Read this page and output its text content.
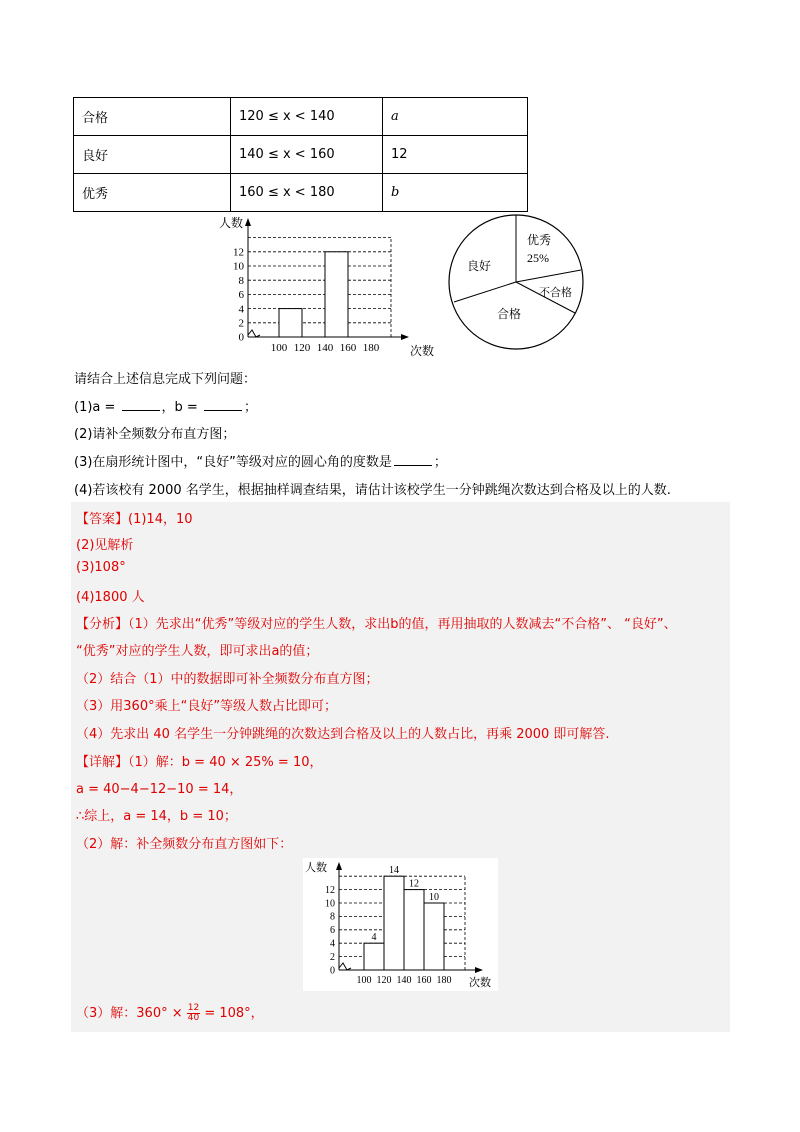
合格	120 ≤ x < 140	a
良好	140 ≤ x < 160	12
优秀	160 ≤ x < 180	b
人数
次数
0
2
4
6
8
10
12
100 120 140 160 180
优秀
25%
良好
不合格
合格
请结合上述信息完成下列问题：
(1)a =	，b =	；
(2)请补全频数分布直方图；
(3)在扇形统计图中，“良好”等级对应的圆心角的度数是	；
(4)若该校有 2000 名学生，根据抽样调查结果，请估计该校学生一分钟跳绳次数达到合格及以上的人数.
【答案】(1)14，10
(2)见解析
(3)108°
(4)1800 人
【分析】（1）先求出“优秀”等级对应的学生人数，求出b的值，再用抽取的人数减去“不合格”、 “良好”、
“优秀”对应的学生人数，即可求出a的值；
（2）结合（1）中的数据即可补全频数分布直方图；
（3）用360°乘上“良好”等级人数占比即可；
（4）先求出 40 名学生一分钟跳绳的次数达到合格及以上的人数占比，再乘 2000 即可解答.
【详解】（1）解：b = 40 × 25% = 10，
a = 40−4−12−10 = 14，
∴综上，a = 14，b = 10；
（2）解：补全频数分布直方图如下：
人数
次数
0
2
4
6
8
10
12
100 120 140 160 180
4
14
12
10
（3）解：$360^\circ \times \frac{12}{40} = 108^\circ$，
